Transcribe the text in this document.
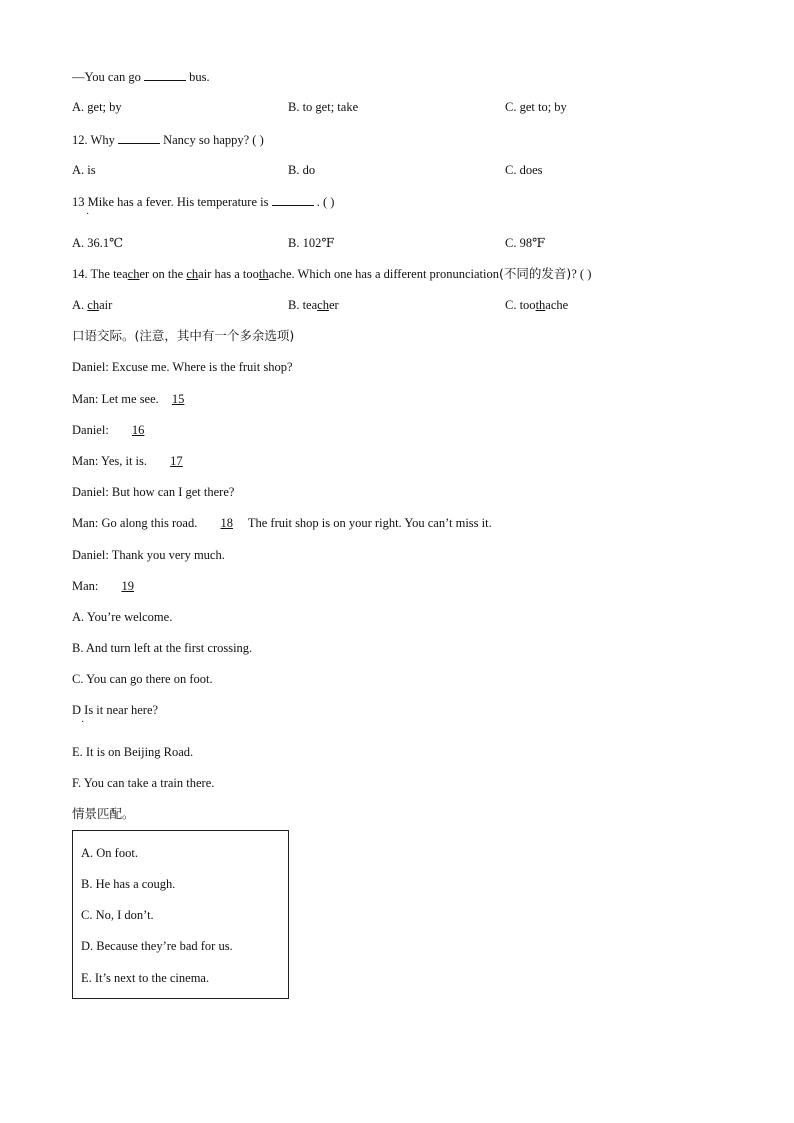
—You can go	bus.
A. get; by	B. to get; take	C. get to; by
12. Why	Nancy so happy? ( )
A. is	B. do	C. does
13 Mike has a fever. His temperature is	. ( )
·
A. 36.1℃	B. 102℉	C. 98℉
14. The teacher on the chair has a toothache. Which one has a different pronunciation(不同的发音)? ( )
A. chair	B. teacher	C. toothache
口语交际。(注意，其中有一个多余选项)
Daniel: Excuse me. Where is the fruit shop?
Man: Let me see. 15
Daniel: 16
Man: Yes, it is. 17
Daniel: But how can I get there?
Man: Go along this road. 18 The fruit shop is on your right. You can’t miss it.
Daniel: Thank you very much.
Man: 19
A. You’re welcome.
B. And turn left at the first crossing.
C. You can go there on foot.
D Is it near here?
·
E. It is on Beijing Road.
F. You can take a train there.
情景匹配。
A. On foot.
B. He has a cough.
C. No, I don’t.
D. Because they’re bad for us.
E. It’s next to the cinema.
